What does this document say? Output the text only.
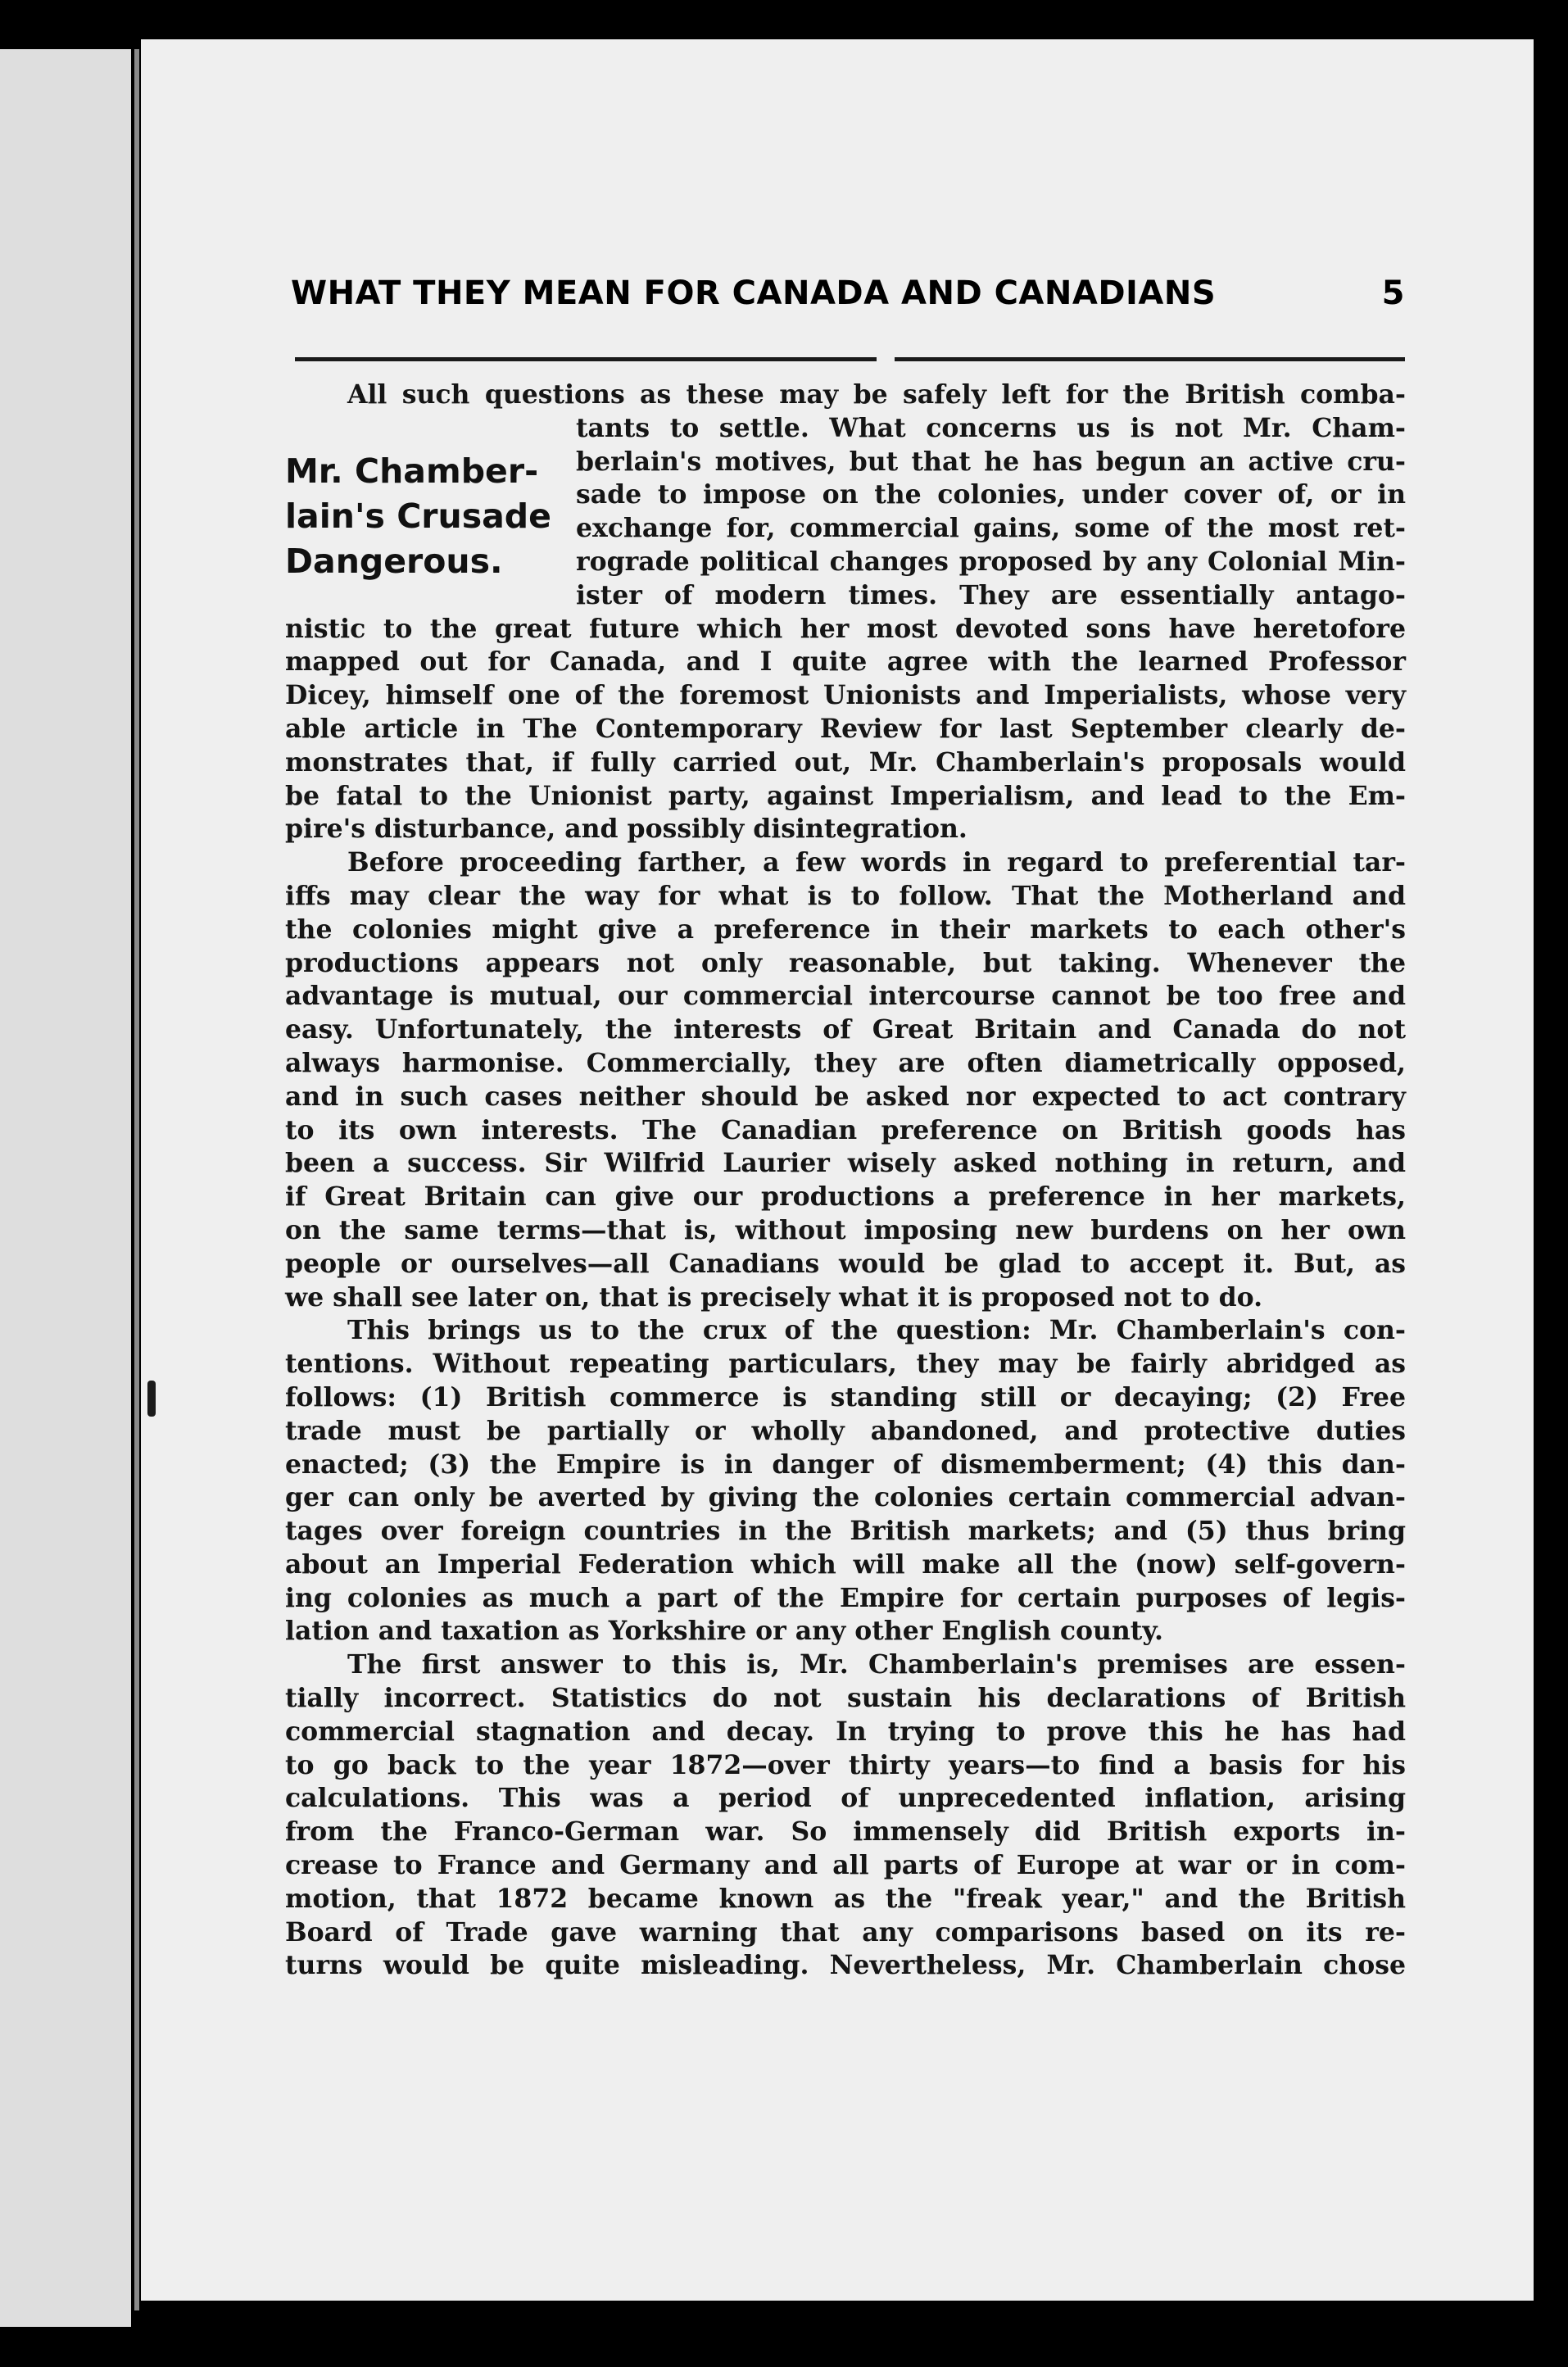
WHAT THEY MEAN FOR CANADA AND CANADIANS	5
Mr. Chamber-
lain's Crusade
Dangerous.
All such questions as these may be safely left for the British comba-
tants to settle. What concerns us is not Mr. Cham-
berlain's motives, but that he has begun an active cru-
sade to impose on the colonies, under cover of, or in
exchange for, commercial gains, some of the most ret-
rograde political changes proposed by any Colonial Min-
ister of modern times. They are essentially antago-
nistic to the great future which her most devoted sons have heretofore
mapped out for Canada, and I quite agree with the learned Professor
Dicey, himself one of the foremost Unionists and Imperialists, whose very
able article in The Contemporary Review for last September clearly de-
monstrates that, if fully carried out, Mr. Chamberlain's proposals would
be fatal to the Unionist party, against Imperialism, and lead to the Em-
pire's disturbance, and possibly disintegration.
Before proceeding farther, a few words in regard to preferential tar-
iffs may clear the way for what is to follow. That the Motherland and
the colonies might give a preference in their markets to each other's
productions appears not only reasonable, but taking. Whenever the
advantage is mutual, our commercial intercourse cannot be too free and
easy. Unfortunately, the interests of Great Britain and Canada do not
always harmonise. Commercially, they are often diametrically opposed,
and in such cases neither should be asked nor expected to act contrary
to its own interests. The Canadian preference on British goods has
been a success. Sir Wilfrid Laurier wisely asked nothing in return, and
if Great Britain can give our productions a preference in her markets,
on the same terms—that is, without imposing new burdens on her own
people or ourselves—all Canadians would be glad to accept it. But, as
we shall see later on, that is precisely what it is proposed not to do.
This brings us to the crux of the question: Mr. Chamberlain's con-
tentions. Without repeating particulars, they may be fairly abridged as
follows: (1) British commerce is standing still or decaying; (2) Free
trade must be partially or wholly abandoned, and protective duties
enacted; (3) the Empire is in danger of dismemberment; (4) this dan-
ger can only be averted by giving the colonies certain commercial advan-
tages over foreign countries in the British markets; and (5) thus bring
about an Imperial Federation which will make all the (now) self-govern-
ing colonies as much a part of the Empire for certain purposes of legis-
lation and taxation as Yorkshire or any other English county.
The first answer to this is, Mr. Chamberlain's premises are essen-
tially incorrect. Statistics do not sustain his declarations of British
commercial stagnation and decay. In trying to prove this he has had
to go back to the year 1872—over thirty years—to find a basis for his
calculations. This was a period of unprecedented inflation, arising
from the Franco-German war. So immensely did British exports in-
crease to France and Germany and all parts of Europe at war or in com-
motion, that 1872 became known as the "freak year," and the British
Board of Trade gave warning that any comparisons based on its re-
turns would be quite misleading. Nevertheless, Mr. Chamberlain chose
